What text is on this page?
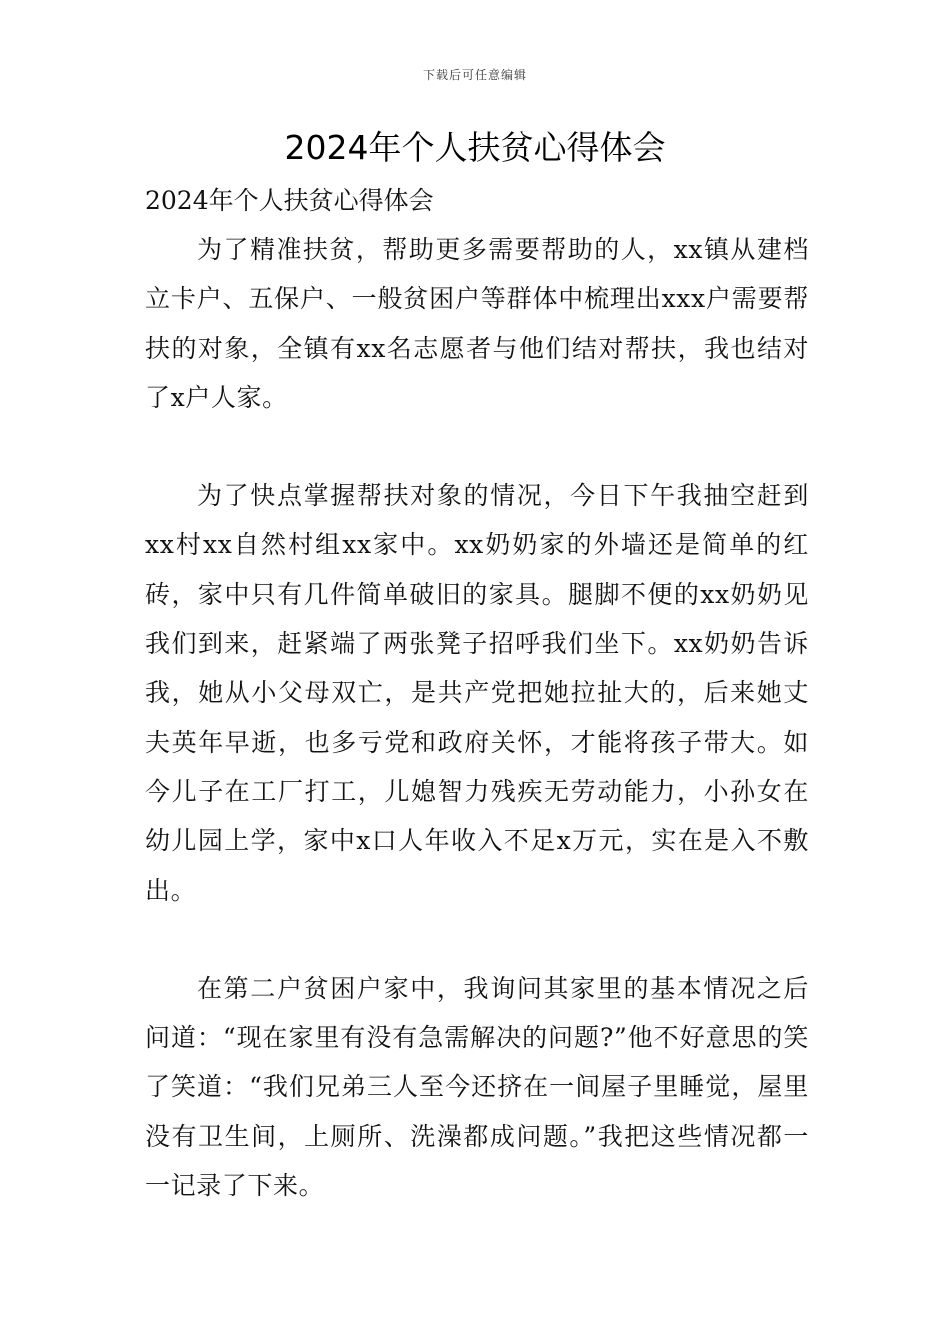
下载后可任意编辑
2024年个人扶贫心得体会

2024年个人扶贫心得体会

为了精准扶贫，帮助更多需要帮助的人，xx镇从建档立卡户、五保户、一般贫困户等群体中梳理出xxx户需要帮扶的对象，全镇有xx名志愿者与他们结对帮扶，我也结对了x户人家。

为了快点掌握帮扶对象的情况，今日下午我抽空赶到xx村xx自然村组xx家中。xx奶奶家的外墙还是简单的红砖，家中只有几件简单破旧的家具。腿脚不便的xx奶奶见我们到来，赶紧端了两张凳子招呼我们坐下。xx奶奶告诉我，她从小父母双亡，是共产党把她拉扯大的，后来她丈夫英年早逝，也多亏党和政府关怀，才能将孩子带大。如今儿子在工厂打工，儿媳智力残疾无劳动能力，小孙女在幼儿园上学，家中x口人年收入不足x万元，实在是入不敷出。

在第二户贫困户家中，我询问其家里的基本情况之后问道：“现在家里有没有急需解决的问题?”他不好意思的笑了笑道：“我们兄弟三人至今还挤在一间屋子里睡觉，屋里没有卫生间，上厕所、洗澡都成问题。”我把这些情况都一一记录了下来。
